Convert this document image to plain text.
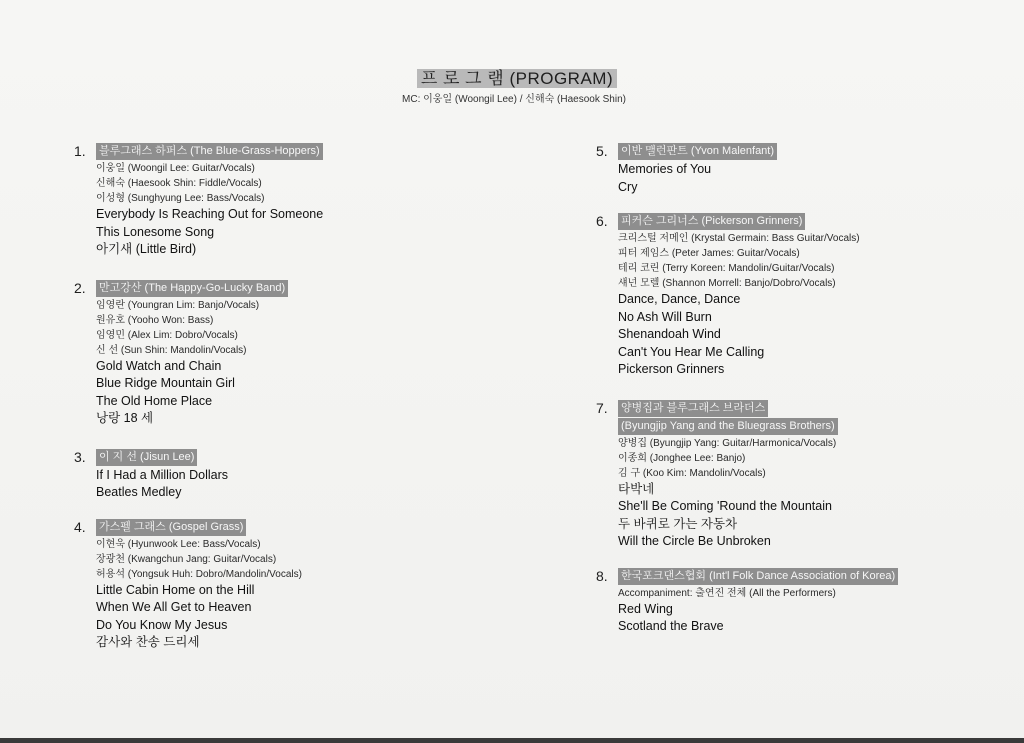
프 로 그 램 (PROGRAM)
MC: 이웅일 (Woongil Lee) / 신해숙 (Haesook Shin)
1.	블루그래스 하퍼스 (The Blue-Grass-Hoppers)
이웅일 (Woongil Lee: Guitar/Vocals)
신해숙 (Haesook Shin: Fiddle/Vocals)
이성형 (Sunghyung Lee: Bass/Vocals)
Everybody Is Reaching Out for Someone
This Lonesome Song
아기새 (Little Bird)
2.	만고강산 (The Happy-Go-Lucky Band)
임영란 (Youngran Lim: Banjo/Vocals)
원유호 (Yooho Won: Bass)
임영민 (Alex Lim: Dobro/Vocals)
신 선 (Sun Shin: Mandolin/Vocals)
Gold Watch and Chain
Blue Ridge Mountain Girl
The Old Home Place
낭랑 18 세
3.	이 지 선 (Jisun Lee)
If I Had a Million Dollars
Beatles Medley
4.	가스펠 그래스 (Gospel Grass)
이현욱 (Hyunwook Lee: Bass/Vocals)
장광천 (Kwangchun Jang: Guitar/Vocals)
허용석 (Yongsuk Huh: Dobro/Mandolin/Vocals)
Little Cabin Home on the Hill
When We All Get to Heaven
Do You Know My Jesus
감사와 찬송 드리세
5.	이반 맬런판트 (Yvon Malenfant)
Memories of You
Cry
6.	피커슨 그리너스 (Pickerson Grinners)
크리스털 저메인 (Krystal Germain: Bass Guitar/Vocals)
피터 제임스 (Peter James: Guitar/Vocals)
테리 코린 (Terry Koreen: Mandolin/Guitar/Vocals)
섀넌 모렐 (Shannon Morrell: Banjo/Dobro/Vocals)
Dance, Dance, Dance
No Ash Will Burn
Shenandoah Wind
Can't You Hear Me Calling
Pickerson Grinners
7.	양병집과 블루그래스 브라더스
(Byungjip Yang and the Bluegrass Brothers)
양병집 (Byungjip Yang: Guitar/Harmonica/Vocals)
이종희 (Jonghee Lee: Banjo)
김 구 (Koo Kim: Mandolin/Vocals)
타박네
She'll Be Coming 'Round the Mountain
두 바퀴로 가는 자동차
Will the Circle Be Unbroken
8.	한국포크댄스협회 (Int'l Folk Dance Association of Korea)
Accompaniment: 출연진 전체 (All the Performers)
Red Wing
Scotland the Brave
